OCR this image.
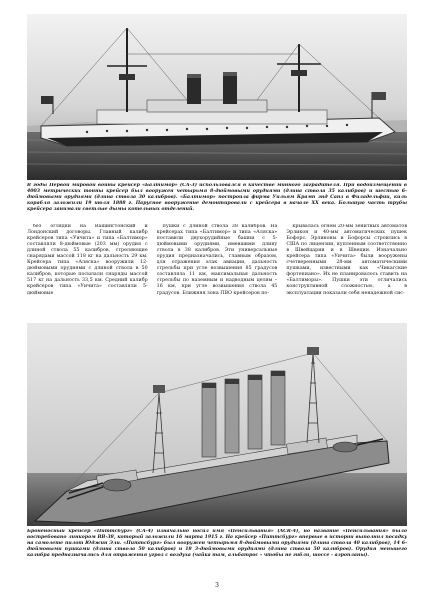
В годы Первой мировой войны крейсер «Балтимор» (CA-3) использовался в качестве минного заградителя. При водоизмещении в 4003 метрических тонны крейсер был вооружен четырьмя 8-дюймовыми орудиями (длина ствола 35 калибров) и шестью 6-дюймовыми орудиями (длина ствола 30 калибров). «Балтимор» построила фирма Уильям Крамп энд Санз в Филадельфии, киль корабля заложили 19 июля 1888 г. Парусное вооружение демонтировали с крейсера в начале XX века. Большую часть трубы крейсера занимали светлые дымы котельных отделений.

без оглядки на Вашингтонский и Лондонский договоры. Главный калибр крейсеров типа «Уичита» и типа «Балтимор» составляли 8-дюймовые (203 мм) орудия с длиной ствола 55 калибров, стреляющие снарядами массой 118 кг на дальность 29 км. Крейсера типа «Аляска» вооружили 12-дюймовыми орудиями с длиной ствола в 50 калибров, которые посылали снаряды массой 517 кг на дальность 33,5 км. Средний калибр крейсеров типа «Уичита» составляли 5-дюймовые

пушки с длиной ствола 38 калибров. На крейсерах типа «Балтимор» и типа «Аляска» поставили двухорудийные башни с 5-дюймовыми орудиями, имевшими длину ствола в 38 калибров. Эти универсальные орудия предназначались, главным образом, для отражения атак авиации, дальность стрельбы при угле возвышения 85 градусов составляла 11 км, максимальная дальность стрельбы по наземным и надводным целям – 16 км, при угле возвышения ствола 45 градусов. Ближняя зона ПВО крейсеров по-

крывалась огнем 20-мм зенитных автоматов Эрликон и 40-мм автоматических пушек Бофорс. Эрликоны и Бофорсы строились в США по лицензии, купленным соответственно в Швейцарии и в Швеции. Изначально крейсера типа «Уичита» были вооружены счетверенными 28-мм автоматическими пушками, известными как «Чикагские фортепиано». Их не планировалось ставить на «Балтиморы». Пушки эти отличались конструктивной сложностью, а в эксплуатации показали себя ненадежной сис-

Броненосный крейсер «Питтсбург» (CA-4) изначально носил имя «Пенсильвания» (ACR-4), но название «Пенсильвания» было востребовано линкором BB-38, который заложили 16 марта 1915 г. На крейсер «Питтсбург» впервые в истории выполнил посадку на самолете пилот Юджин Эли. «Питтсбург» был вооружен четырьмя 8-дюймовыми орудиями (длина ствола 40 калибров), 14 6-дюймовыми пушками (длина ствола 50 калибров) и 18 3-дюймовыми орудиями (длина ствола 50 калибров). Орудия меньшего калибра предназначались для отражения угроз с воздуха (чайка там, альбатрос – чтобы не гибли, шоссе - аэропланы).

3
